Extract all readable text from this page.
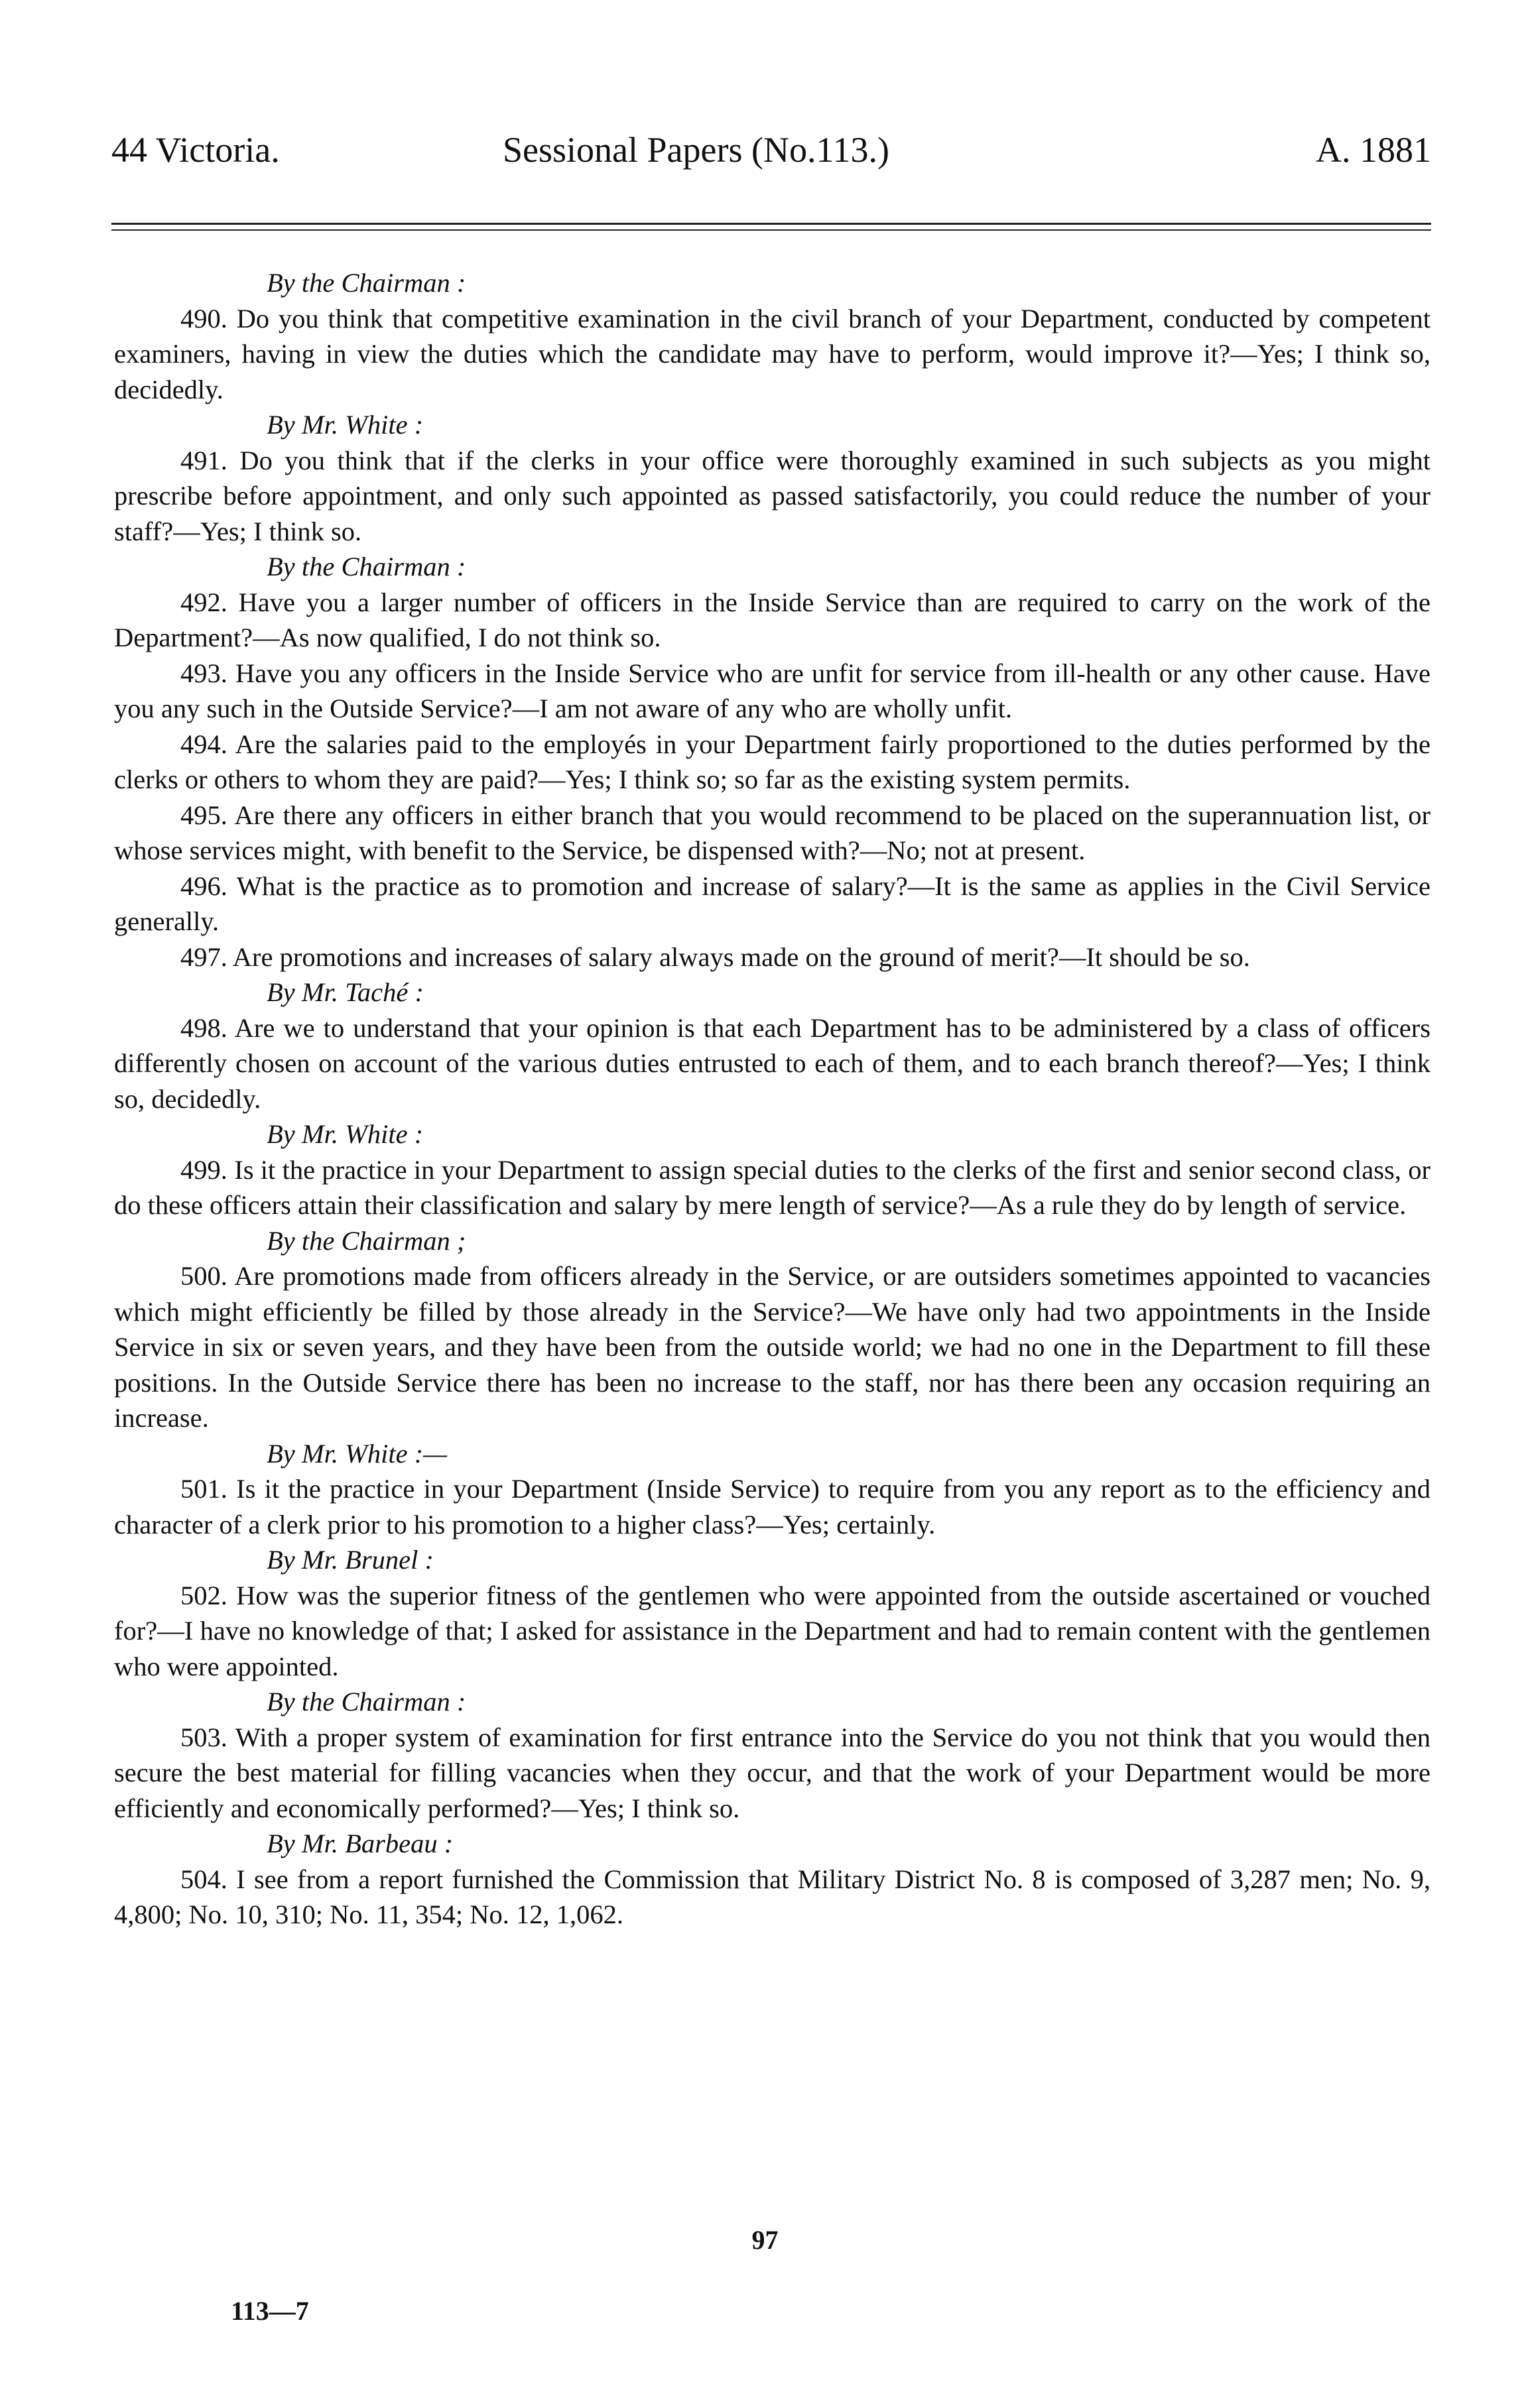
44 Victoria.	Sessional Papers (No.113.)	A. 1881
By the Chairman :
490. Do you think that competitive examination in the civil branch of your Department, conducted by competent examiners, having in view the duties which the candidate may have to perform, would improve it?—Yes; I think so, decidedly.
By Mr. White :
491. Do you think that if the clerks in your office were thoroughly examined in such subjects as you might prescribe before appointment, and only such appointed as passed satisfactorily, you could reduce the number of your staff?—Yes; I think so.
By the Chairman :
492. Have you a larger number of officers in the Inside Service than are required to carry on the work of the Department?—As now qualified, I do not think so.
493. Have you any officers in the Inside Service who are unfit for service from ill-health or any other cause. Have you any such in the Outside Service?—I am not aware of any who are wholly unfit.
494. Are the salaries paid to the employés in your Department fairly proportioned to the duties performed by the clerks or others to whom they are paid?—Yes; I think so; so far as the existing system permits.
495. Are there any officers in either branch that you would recommend to be placed on the superannuation list, or whose services might, with benefit to the Service, be dispensed with?—No; not at present.
496. What is the practice as to promotion and increase of salary?—It is the same as applies in the Civil Service generally.
497. Are promotions and increases of salary always made on the ground of merit?—It should be so.
By Mr. Taché :
498. Are we to understand that your opinion is that each Department has to be administered by a class of officers differently chosen on account of the various duties entrusted to each of them, and to each branch thereof?—Yes; I think so, decidedly.
By Mr. White :
499. Is it the practice in your Department to assign special duties to the clerks of the first and senior second class, or do these officers attain their classification and salary by mere length of service?—As a rule they do by length of service.
By the Chairman ;
500. Are promotions made from officers already in the Service, or are outsiders sometimes appointed to vacancies which might efficiently be filled by those already in the Service?—We have only had two appointments in the Inside Service in six or seven years, and they have been from the outside world; we had no one in the Department to fill these positions. In the Outside Service there has been no increase to the staff, nor has there been any occasion requiring an increase.
By Mr. White :—
501. Is it the practice in your Department (Inside Service) to require from you any report as to the efficiency and character of a clerk prior to his promotion to a higher class?—Yes; certainly.
By Mr. Brunel :
502. How was the superior fitness of the gentlemen who were appointed from the outside ascertained or vouched for?—I have no knowledge of that; I asked for assistance in the Department and had to remain content with the gentlemen who were appointed.
By the Chairman :
503. With a proper system of examination for first entrance into the Service do you not think that you would then secure the best material for filling vacancies when they occur, and that the work of your Department would be more efficiently and economically performed?—Yes; I think so.
By Mr. Barbeau :
504. I see from a report furnished the Commission that Military District No. 8 is composed of 3,287 men; No. 9, 4,800; No. 10, 310; No. 11, 354; No. 12, 1,062.
97
113—7
